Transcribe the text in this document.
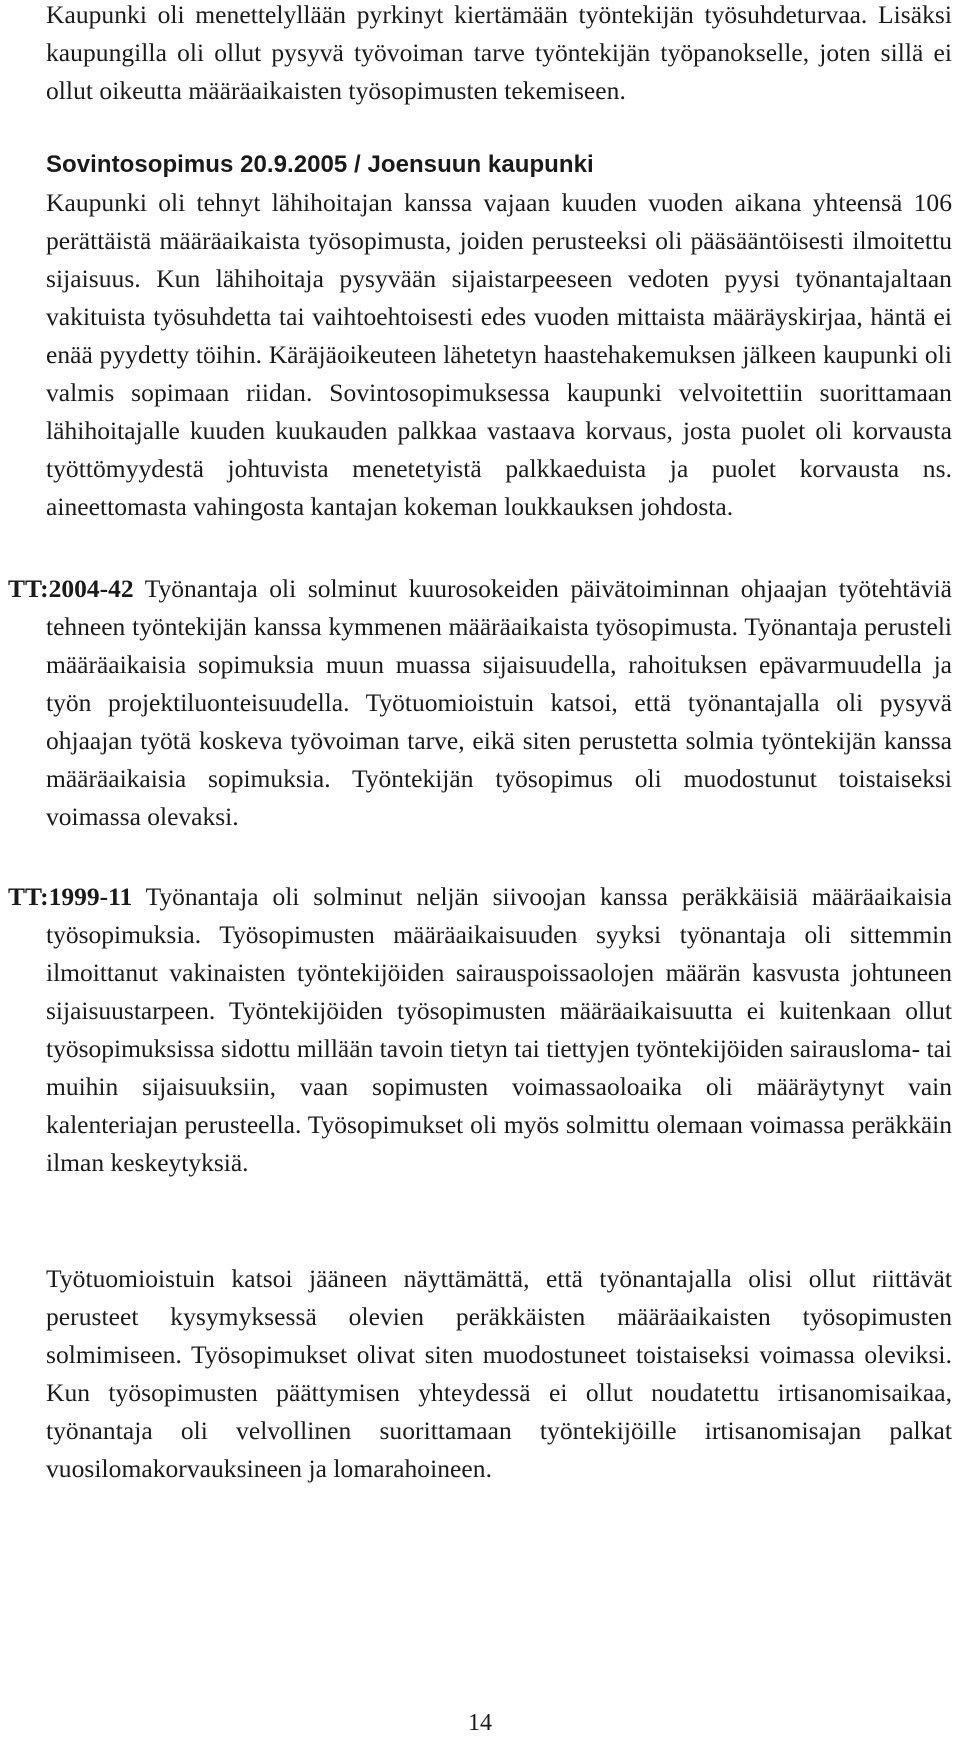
Kaupunki oli menettelyllään pyrkinyt kiertämään työntekijän työsuhdeturvaa. Lisäksi kaupungilla oli ollut pysyvä työvoiman tarve työntekijän työpanokselle, joten sillä ei ollut oikeutta määräaikaisten työsopimusten tekemiseen.

Sovintosopimus 20.9.2005 / Joensuun kaupunki

Kaupunki oli tehnyt lähihoitajan kanssa vajaan kuuden vuoden aikana yhteensä 106 perättäistä määräaikaista työsopimusta, joiden perusteeksi oli pääsääntöisesti ilmoitettu sijaisuus. Kun lähihoitaja pysyvään sijaistarpeeseen vedoten pyysi työnantajaltaan vakituista työsuhdetta tai vaihtoehtoisesti edes vuoden mittaista määräyskirjaa, häntä ei enää pyydetty töihin. Käräjäoikeuteen lähetetyn haastehakemuksen jälkeen kaupunki oli valmis sopimaan riidan. Sovintosopimuksessa kaupunki velvoitettiin suorittamaan lähihoitajalle kuuden kuukauden palkkaa vastaava korvaus, josta puolet oli korvausta työttömyydestä johtuvista menetetyistä palkkaeduista ja puolet korvausta ns. aineettomasta vahingosta kantajan kokeman loukkauksen johdosta.

TT:2004-42 Työnantaja oli solminut kuurosokeiden päivätoiminnan ohjaajan työtehtäviä tehneen työntekijän kanssa kymmenen määräaikaista työsopimusta. Työnantaja perusteli määräaikaisia sopimuksia muun muassa sijaisuudella, rahoituksen epävarmuudella ja työn projektiluonteisuudella. Työtuomioistuin katsoi, että työnantajalla oli pysyvä ohjaajan työtä koskeva työvoiman tarve, eikä siten perustetta solmia työntekijän kanssa määräaikaisia sopimuksia. Työntekijän työsopimus oli muodostunut toistaiseksi voimassa olevaksi.

TT:1999-11 Työnantaja oli solminut neljän siivoojan kanssa peräkkäisiä määräaikaisia työsopimuksia. Työsopimusten määräaikaisuuden syyksi työnantaja oli sittemmin ilmoittanut vakinaisten työntekijöiden sairauspoissaolojen määrän kasvusta johtuneen sijaisuustarpeen. Työntekijöiden työsopimusten määräaikaisuutta ei kuitenkaan ollut työsopimuksissa sidottu millään tavoin tietyn tai tiettyjen työntekijöiden sairausloma- tai muihin sijaisuuksiin, vaan sopimusten voimassaoloaika oli määräytynyt vain kalenteriajan perusteella. Työsopimukset oli myös solmittu olemaan voimassa peräkkäin ilman keskeytyksiä.

Työtuomioistuin katsoi jääneen näyttämättä, että työnantajalla olisi ollut riittävät perusteet kysymyksessä olevien peräkkäisten määräaikaisten työsopimusten solmimiseen. Työsopimukset olivat siten muodostuneet toistaiseksi voimassa oleviksi. Kun työsopimusten päättymisen yhteydessä ei ollut noudatettu irtisanomisaikaa, työnantaja oli velvollinen suorittamaan työntekijöille irtisanomisajan palkat vuosilomakorvauksineen ja lomarahoineen.

14
